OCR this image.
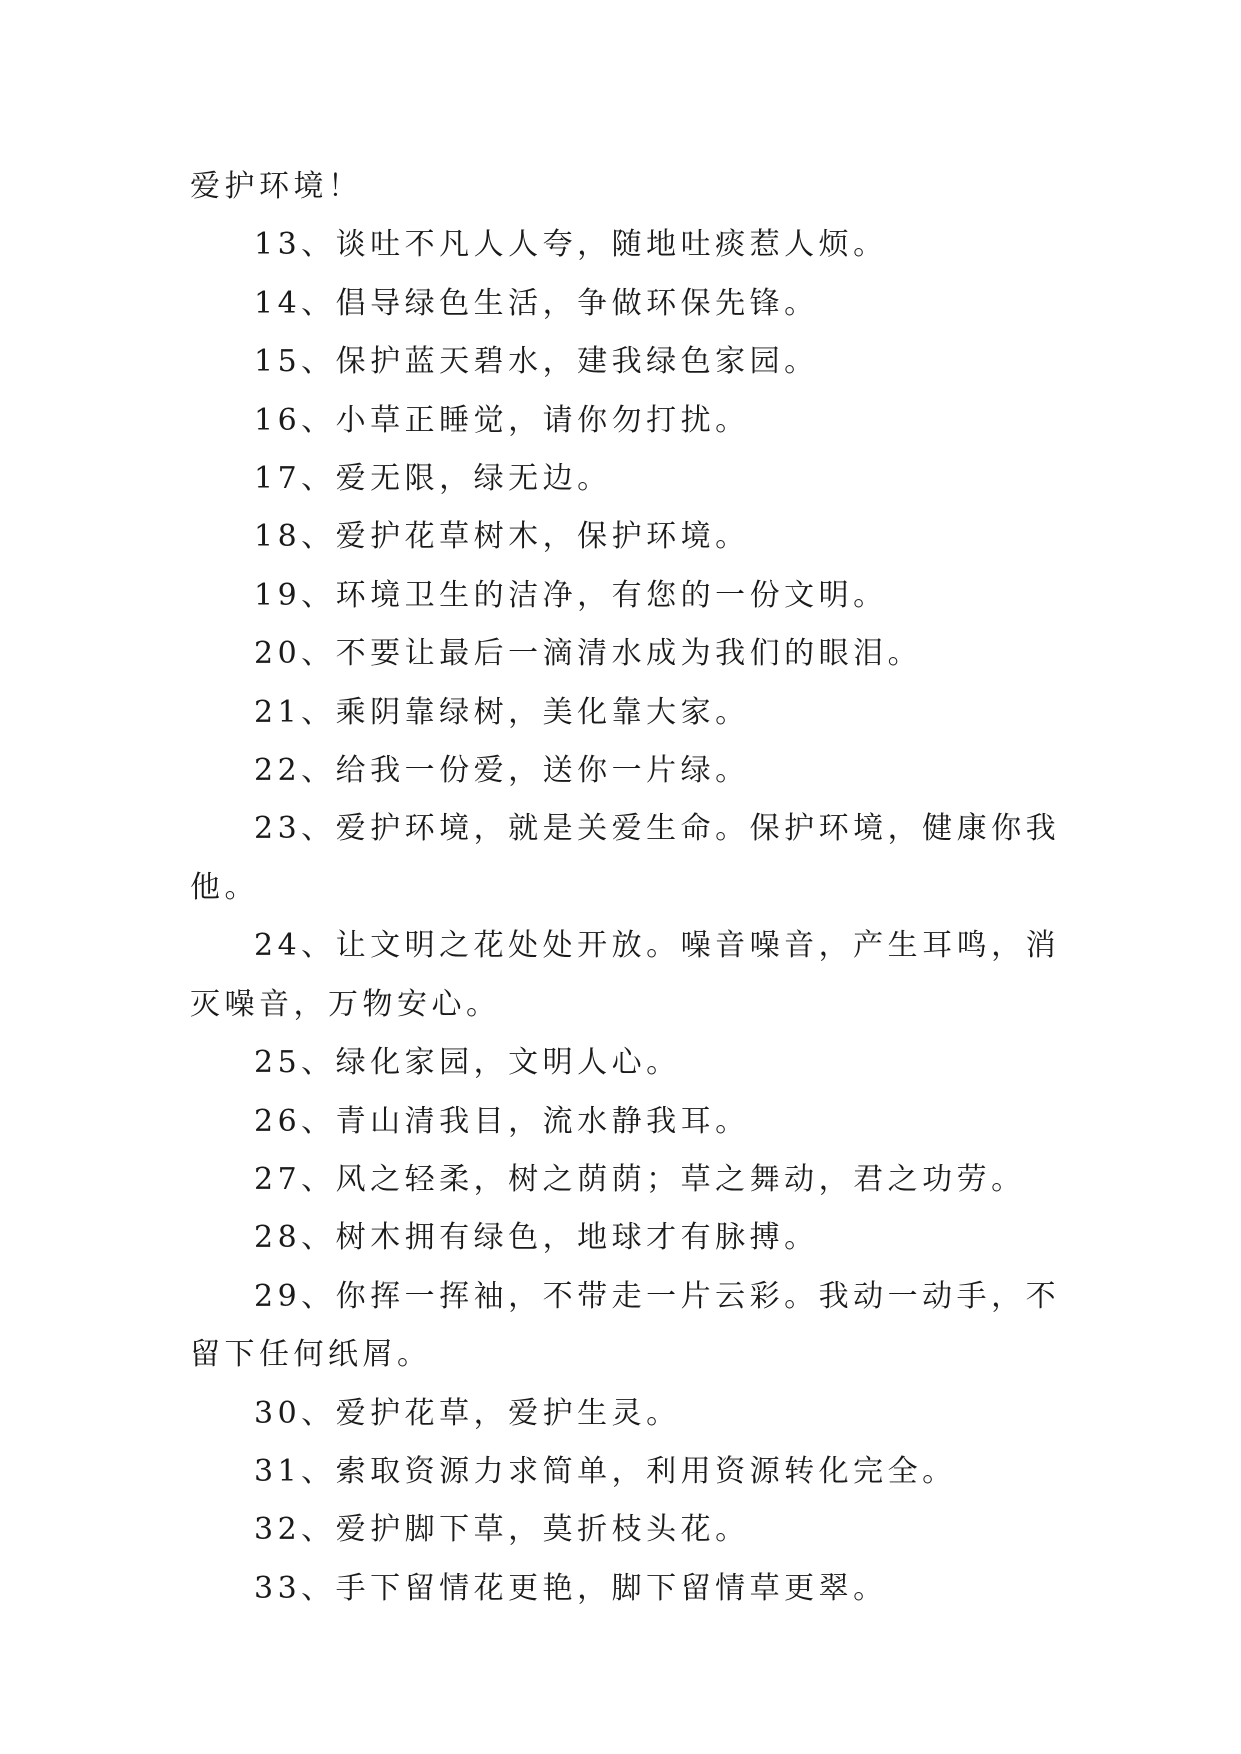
爱护环境！

13、谈吐不凡人人夸，随地吐痰惹人烦。

14、倡导绿色生活，争做环保先锋。

15、保护蓝天碧水，建我绿色家园。

16、小草正睡觉，请你勿打扰。

17、爱无限，绿无边。

18、爱护花草树木，保护环境。

19、环境卫生的洁净，有您的一份文明。

20、不要让最后一滴清水成为我们的眼泪。

21、乘阴靠绿树，美化靠大家。

22、给我一份爱，送你一片绿。

23、爱护环境，就是关爱生命。保护环境，健康你我他。

24、让文明之花处处开放。噪音噪音，产生耳鸣，消灭噪音，万物安心。

25、绿化家园，文明人心。

26、青山清我目，流水静我耳。

27、风之轻柔，树之荫荫；草之舞动，君之功劳。

28、树木拥有绿色，地球才有脉搏。

29、你挥一挥袖，不带走一片云彩。我动一动手，不留下任何纸屑。

30、爱护花草，爱护生灵。

31、索取资源力求简单，利用资源转化完全。

32、爱护脚下草，莫折枝头花。

33、手下留情花更艳，脚下留情草更翠。
